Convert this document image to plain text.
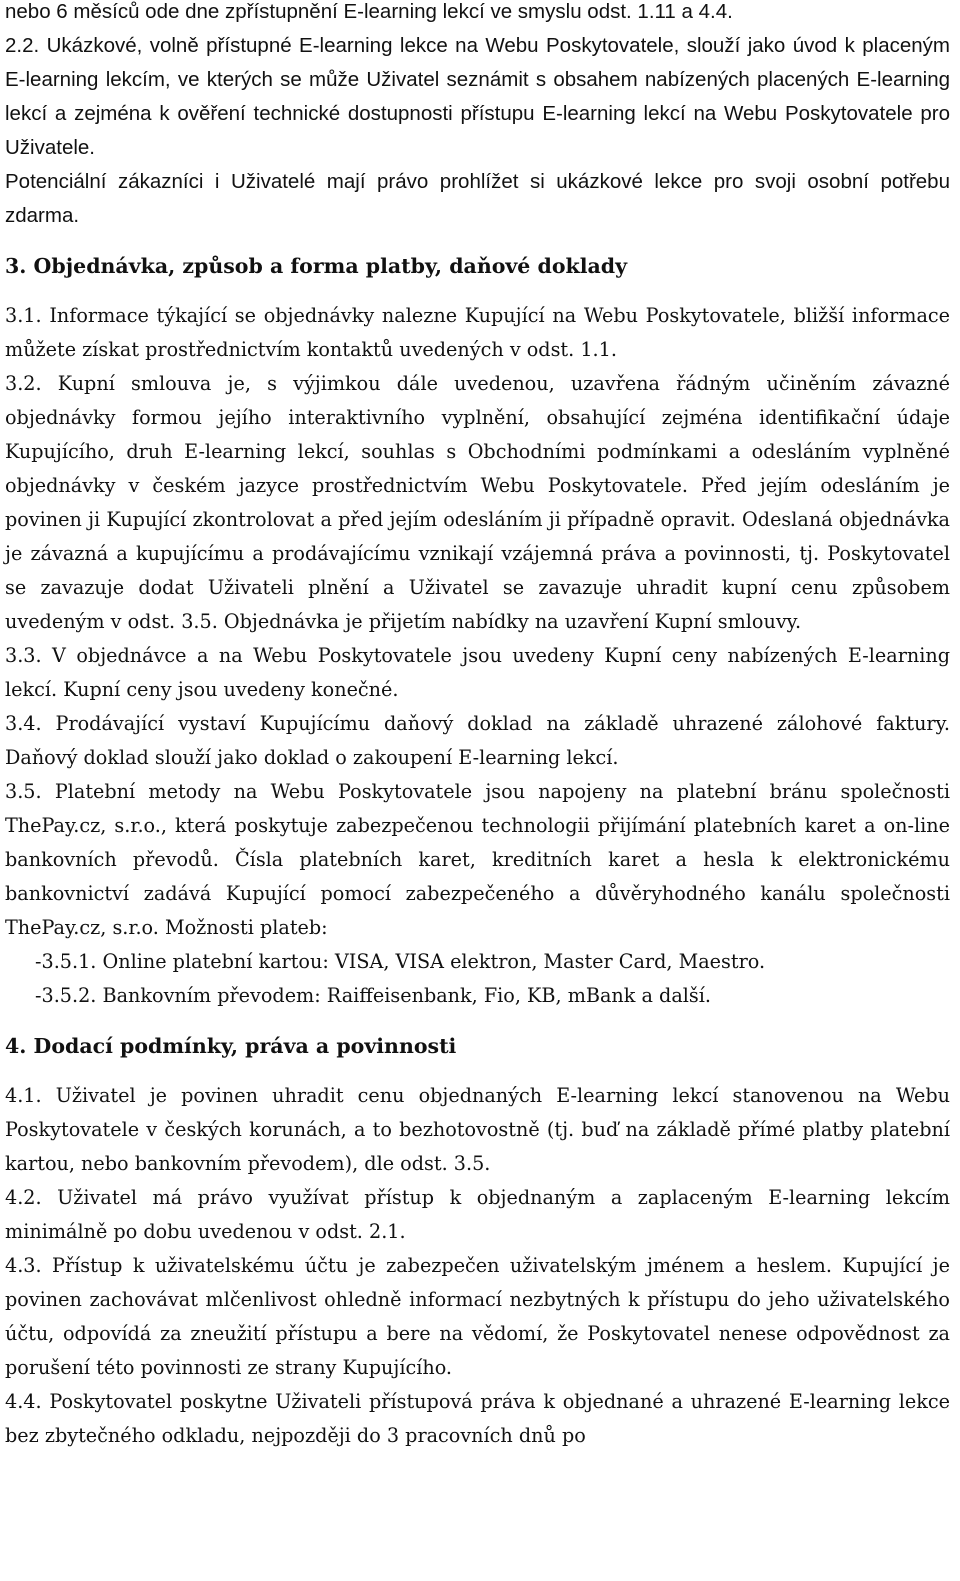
nebo 6 měsíců ode dne zpřístupnění E-learning lekcí ve smyslu odst. 1.11 a 4.4.

2.2. Ukázkové, volně přístupné E-learning lekce na Webu Poskytovatele, slouží jako úvod k placeným E-learning lekcím, ve kterých se může Uživatel seznámit s obsahem nabízených placených E-learning lekcí a zejména k ověření technické dostupnosti přístupu E-learning lekcí na Webu Poskytovatele pro Uživatele.

Potenciální zákazníci i Uživatelé mají právo prohlížet si ukázkové lekce pro svoji osobní potřebu zdarma.

3. Objednávka, způsob a forma platby, daňové doklady

3.1. Informace týkající se objednávky nalezne Kupující na Webu Poskytovatele, bližší informace můžete získat prostřednictvím kontaktů uvedených v odst. 1.1.

3.2. Kupní smlouva je, s výjimkou dále uvedenou, uzavřena řádným učiněním závazné objednávky formou jejího interaktivního vyplnění, obsahující zejména identifikační údaje Kupujícího, druh E-learning lekcí, souhlas s Obchodními podmínkami a odesláním vyplněné objednávky v českém jazyce prostřednictvím Webu Poskytovatele. Před jejím odesláním je povinen ji Kupující zkontrolovat a před jejím odesláním ji případně opravit. Odeslaná objednávka je závazná a kupujícímu a prodávajícímu vznikají vzájemná práva a povinnosti, tj. Poskytovatel se zavazuje dodat Uživateli plnění a Uživatel se zavazuje uhradit kupní cenu způsobem uvedeným v odst. 3.5. Objednávka je přijetím nabídky na uzavření Kupní smlouvy.

3.3. V objednávce a na Webu Poskytovatele jsou uvedeny Kupní ceny nabízených E-learning lekcí. Kupní ceny jsou uvedeny konečné.

3.4. Prodávající vystaví Kupujícímu daňový doklad na základě uhrazené zálohové faktury. Daňový doklad slouží jako doklad o zakoupení E-learning lekcí.

3.5. Platební metody na Webu Poskytovatele jsou napojeny na platební bránu společnosti ThePay.cz, s.r.o., která poskytuje zabezpečenou technologii přijímání platebních karet a on-line bankovních převodů. Čísla platebních karet, kreditních karet a hesla k elektronickému bankovnictví zadává Kupující pomocí zabezpečeného a důvěryhodného kanálu společnosti ThePay.cz, s.r.o. Možnosti plateb:

-3.5.1. Online platební kartou: VISA, VISA elektron, Master Card, Maestro.

-3.5.2. Bankovním převodem: Raiffeisenbank, Fio, KB, mBank a další.

4. Dodací podmínky, práva a povinnosti

4.1. Uživatel je povinen uhradit cenu objednaných E-learning lekcí stanovenou na Webu Poskytovatele v českých korunách, a to bezhotovostně (tj. buď na základě přímé platby platební kartou, nebo bankovním převodem), dle odst. 3.5.

4.2. Uživatel má právo využívat přístup k objednaným a zaplaceným E-learning lekcím minimálně po dobu uvedenou v odst. 2.1.

4.3. Přístup k uživatelskému účtu je zabezpečen uživatelským jménem a heslem. Kupující je povinen zachovávat mlčenlivost ohledně informací nezbytných k přístupu do jeho uživatelského účtu, odpovídá za zneužití přístupu a bere na vědomí, že Poskytovatel nenese odpovědnost za porušení této povinnosti ze strany Kupujícího.

4.4. Poskytovatel poskytne Uživateli přístupová práva k objednané a uhrazené E-learning lekce bez zbytečného odkladu, nejpozději do 3 pracovních dnů po
